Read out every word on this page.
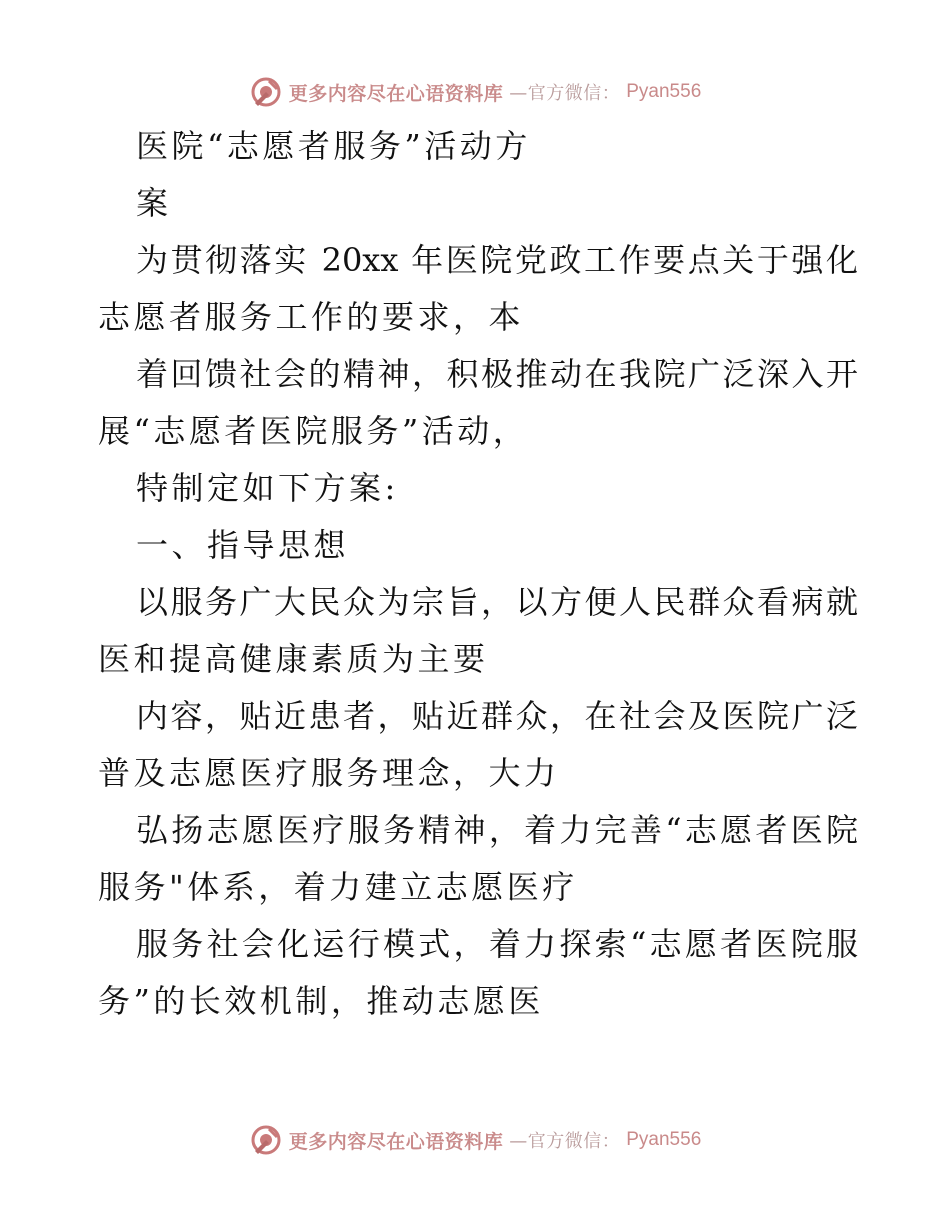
更多内容尽在心语资料库 —官方微信： Pyan556
医院“志愿者服务”活动方
案
为贯彻落实 20xx 年医院党政工作要点关于强化
志愿者服务工作的要求，本
着回馈社会的精神，积极推动在我院广泛深入开
展“志愿者医院服务”活动，
特制定如下方案:
一、指导思想
以服务广大民众为宗旨，以方便人民群众看病就
医和提高健康素质为主要
内容，贴近患者，贴近群众，在社会及医院广泛
普及志愿医疗服务理念，大力
弘扬志愿医疗服务精神，着力完善“志愿者医院
服务"体系，着力建立志愿医疗
服务社会化运行模式，着力探索“志愿者医院服
务”的长效机制，推动志愿医
更多内容尽在心语资料库 —官方微信： Pyan556
